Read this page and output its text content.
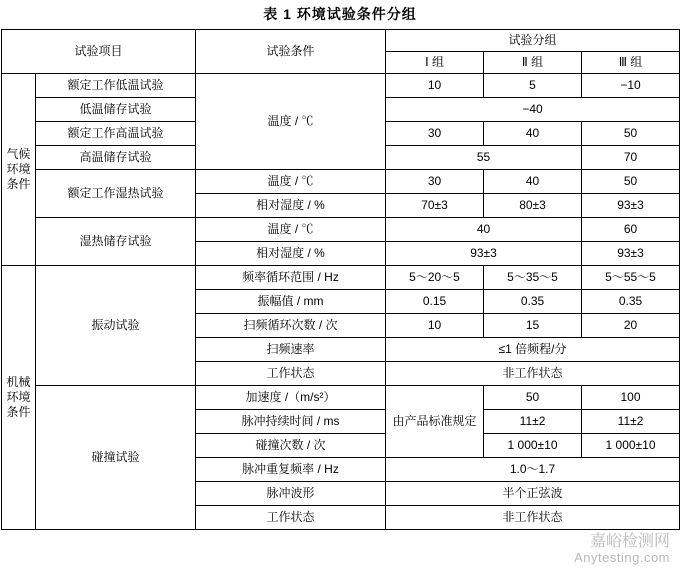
表 1 环境试验条件分组
试验项目		试验条件	试验分组		
			Ⅰ 组	Ⅱ 组	Ⅲ 组
气候环境条件	额定工作低温试验	温度 / ℃	10	5	−10
	低温储存试验		−40		
	额定工作高温试验		30	40	50
	高温储存试验		55		70
	额定工作湿热试验	温度 / ℃	30	40	50
		相对湿度 / %	70±3	80±3	93±3
	湿热储存试验	温度 / ℃	40		60
		相对湿度 / %	93±3		93±3
机械环境条件	振动试验	频率循环范围 / Hz	5～20～5	5～35～5	5～55～5
		振幅值 / mm	0.15	0.35	0.35
		扫频循环次数 / 次	10	15	20
		扫频速率	≤1 倍频程/分		
		工作状态	非工作状态		
	碰撞试验	加速度 /（m/s²）	由产品标准规定	50	100
		脉冲持续时间 / ms		11±2	11±2
		碰撞次数 / 次		1 000±10	1 000±10
		脉冲重复频率 / Hz	1.0～1.7		
		脉冲波形	半个正弦波		
		工作状态	非工作状态		
嘉峪检测网
Anytesting.com
